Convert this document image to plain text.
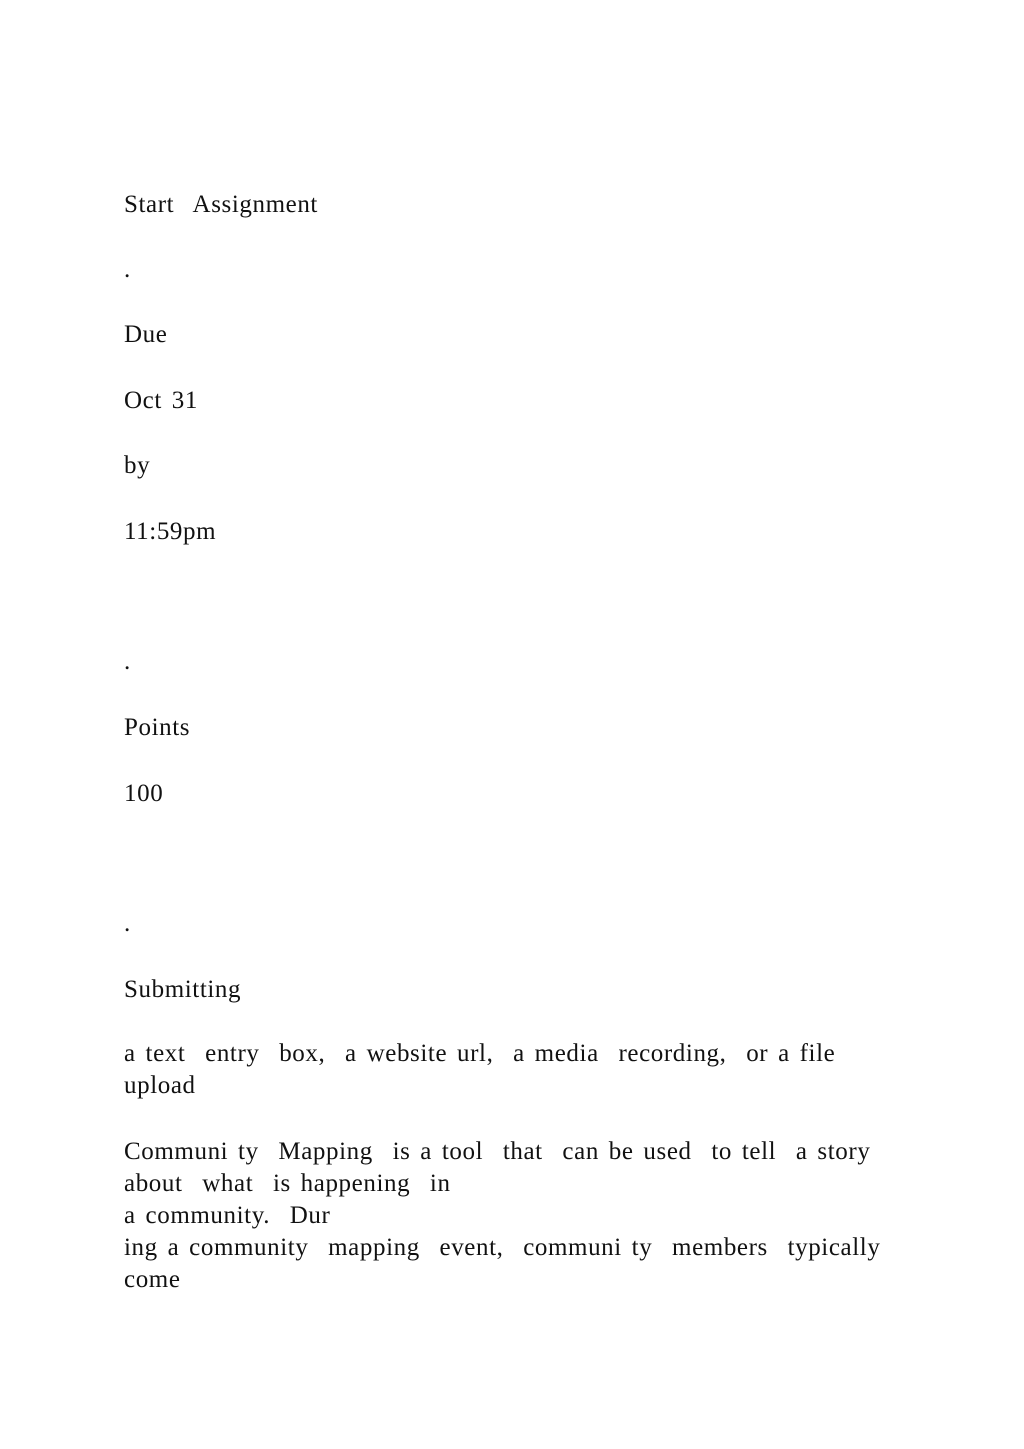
Start  Assignment

.

Due

Oct 31

by

11:59pm

.

Points

100

.

Submitting

a text  entry  box,  a website url,  a media  recording,  or a file
upload
Communi ty  Mapping  is a tool  that  can be used  to tell  a story
about  what  is happening  in
a community.  Dur
ing a community  mapping  event,  communi ty  members  typically
come
